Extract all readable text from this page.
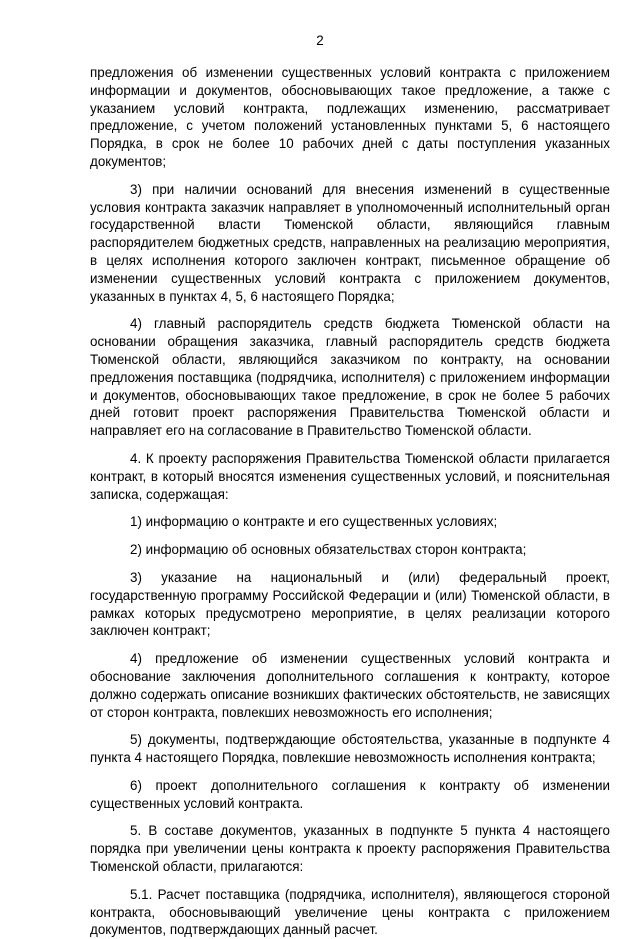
2

предложения об изменении существенных условий контракта с приложением информации и документов, обосновывающих такое предложение, а также с указанием условий контракта, подлежащих изменению, рассматривает предложение, с учетом положений установленных пунктами 5, 6 настоящего Порядка, в срок не более 10 рабочих дней с даты поступления указанных документов;

3) при наличии оснований для внесения изменений в существенные условия контракта заказчик направляет в уполномоченный исполнительный орган государственной власти Тюменской области, являющийся главным распорядителем бюджетных средств, направленных на реализацию мероприятия, в целях исполнения которого заключен контракт, письменное обращение об изменении существенных условий контракта с приложением документов, указанных в пунктах 4, 5, 6 настоящего Порядка;

4) главный распорядитель средств бюджета Тюменской области на основании обращения заказчика, главный распорядитель средств бюджета Тюменской области, являющийся заказчиком по контракту, на основании предложения поставщика (подрядчика, исполнителя) с приложением информации и документов, обосновывающих такое предложение, в срок не более 5 рабочих дней готовит проект распоряжения Правительства Тюменской области и направляет его на согласование в Правительство Тюменской области.

4. К проекту распоряжения Правительства Тюменской области прилагается контракт, в который вносятся изменения существенных условий, и пояснительная записка, содержащая:

1) информацию о контракте и его существенных условиях;

2) информацию об основных обязательствах сторон контракта;

3) указание на национальный и (или) федеральный проект, государственную программу Российской Федерации и (или) Тюменской области, в рамках которых предусмотрено мероприятие, в целях реализации которого заключен контракт;

4) предложение об изменении существенных условий контракта и обоснование заключения дополнительного соглашения к контракту, которое должно содержать описание возникших фактических обстоятельств, не зависящих от сторон контракта, повлекших невозможность его исполнения;

5) документы, подтверждающие обстоятельства, указанные в подпункте 4 пункта 4 настоящего Порядка, повлекшие невозможность исполнения контракта;

6) проект дополнительного соглашения к контракту об изменении существенных условий контракта.

5. В составе документов, указанных в подпункте 5 пункта 4 настоящего порядка при увеличении цены контракта к проекту распоряжения Правительства Тюменской области, прилагаются:

5.1. Расчет поставщика (подрядчика, исполнителя), являющегося стороной контракта, обосновывающий увеличение цены контракта с приложением документов, подтверждающих данный расчет.
